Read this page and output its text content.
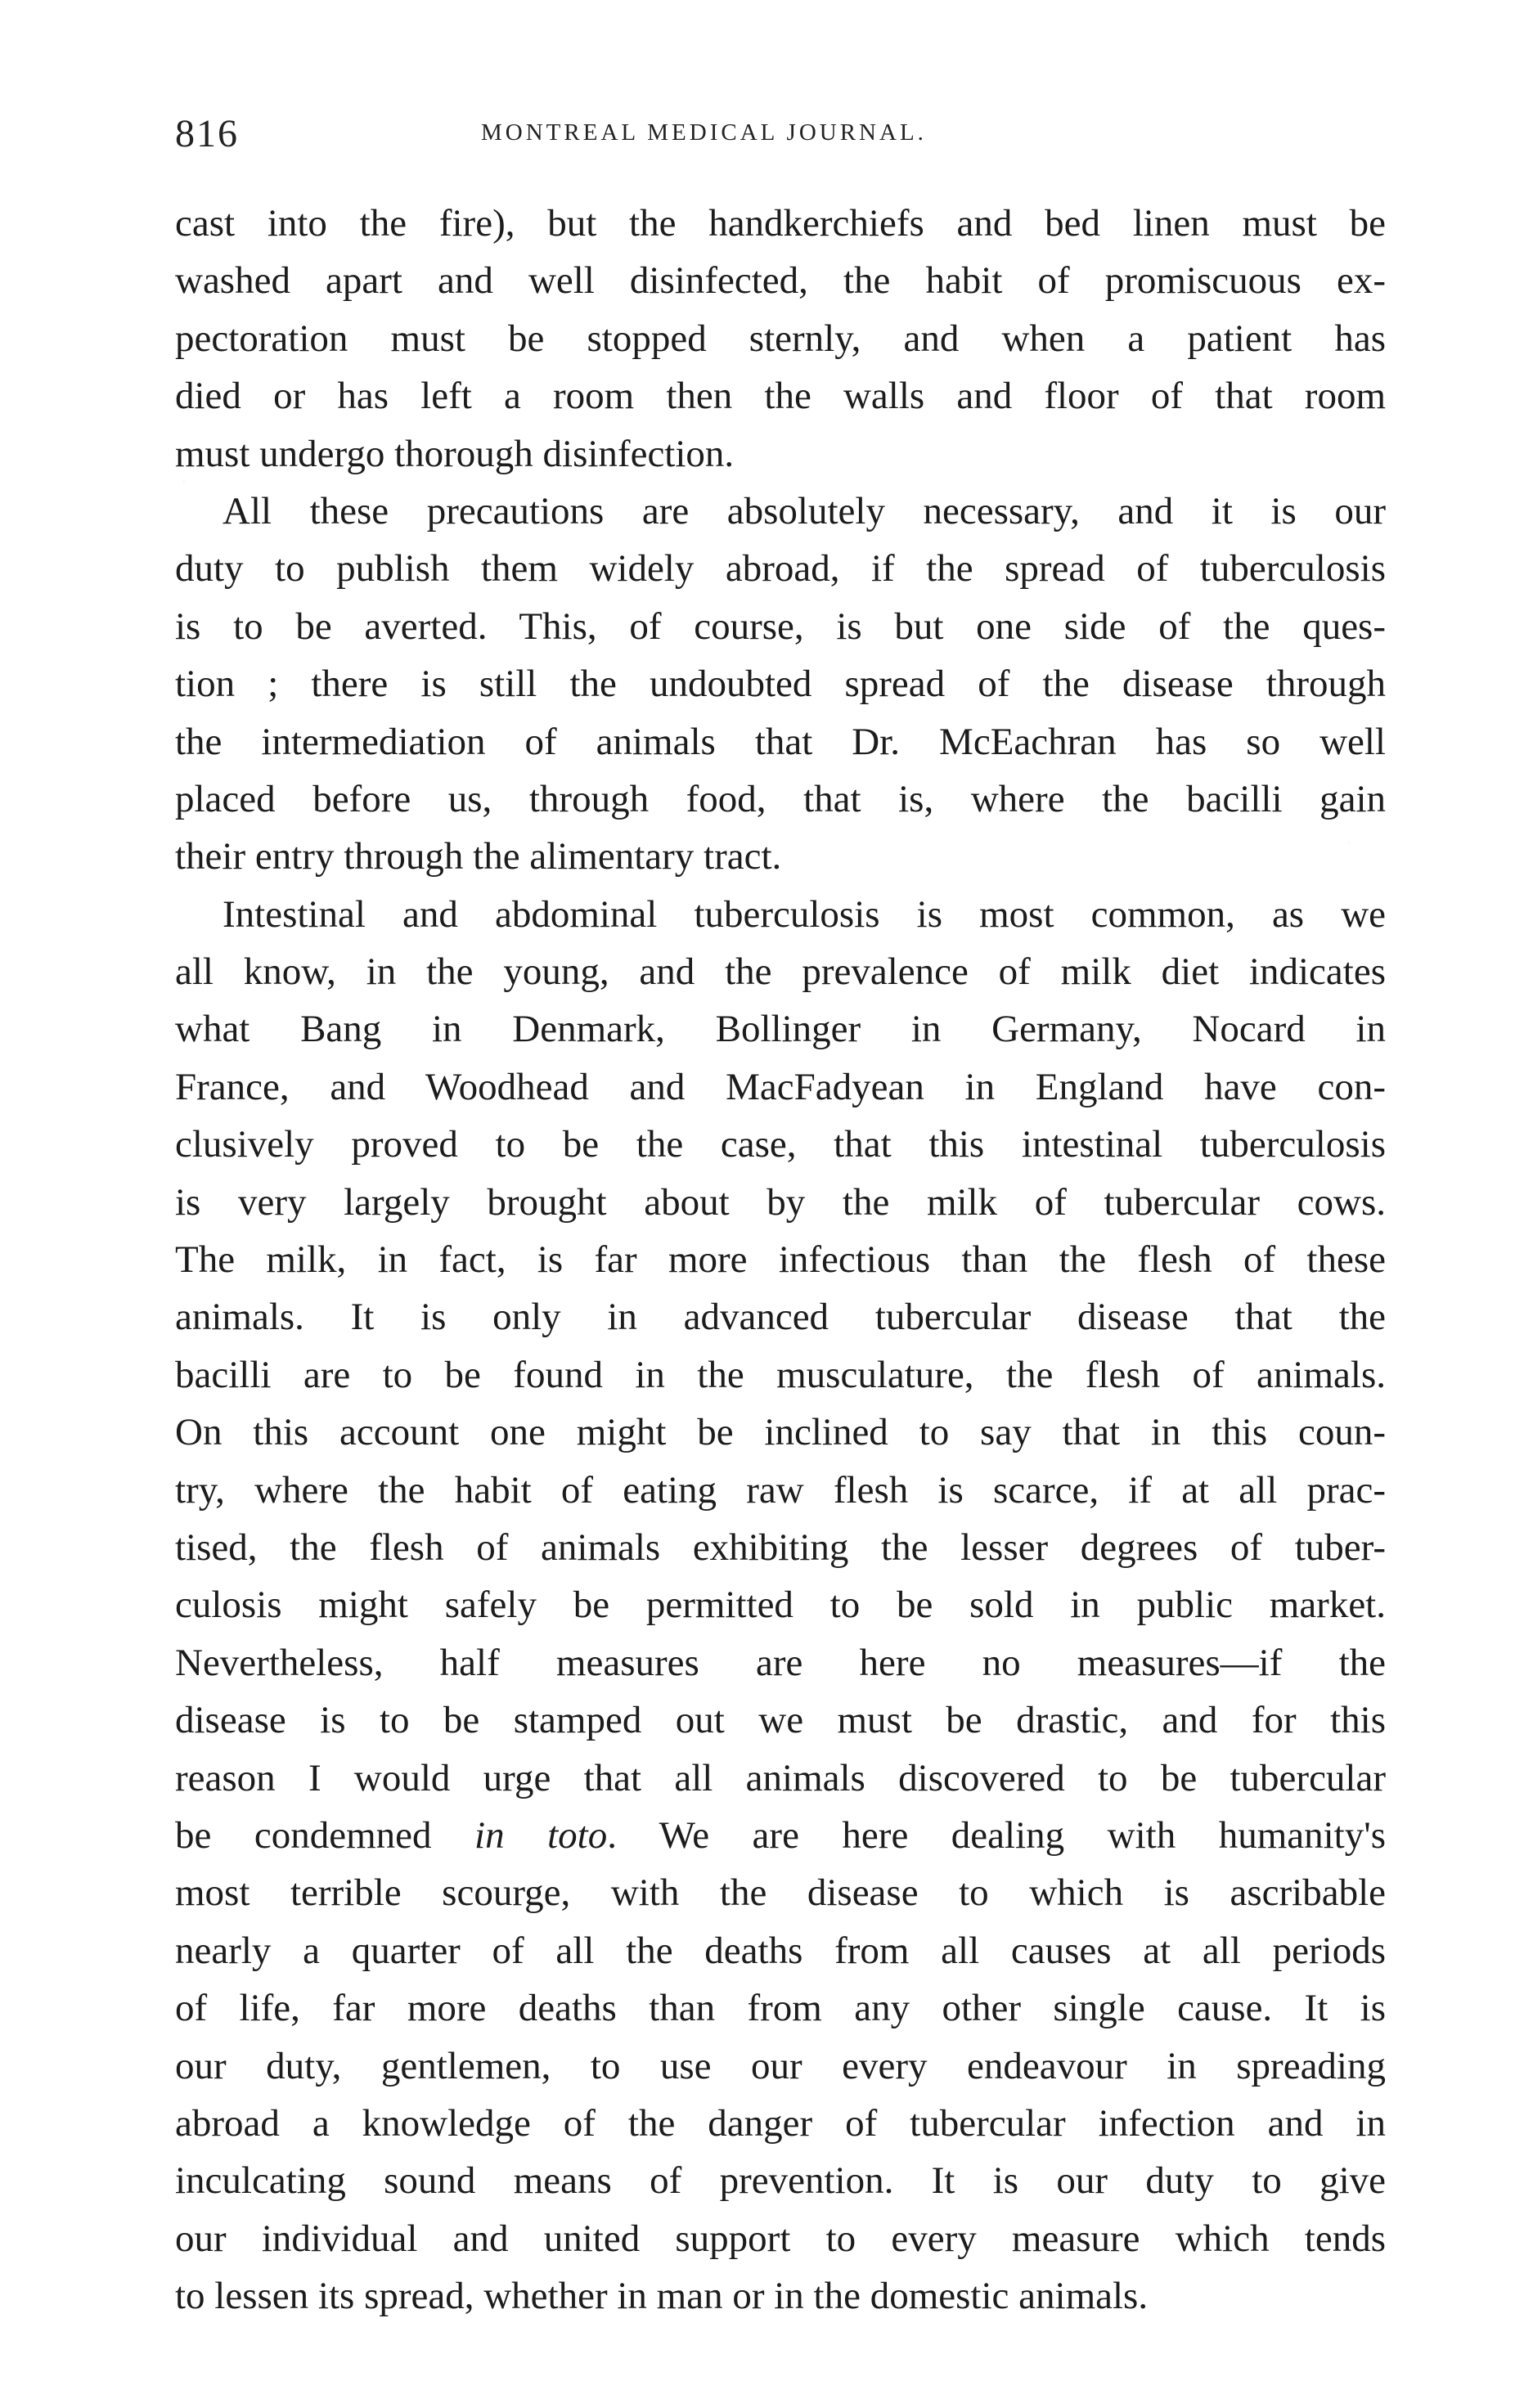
816	MONTREAL MEDICAL JOURNAL.
cast into the fire), but the handkerchiefs and bed linen must be
washed apart and well disinfected, the habit of promiscuous ex-
pectoration must be stopped sternly, and when a patient has
died or has left a room then the walls and floor of that room
must undergo thorough disinfection.
All these precautions are absolutely necessary, and it is our
duty to publish them widely abroad, if the spread of tuberculosis
is to be averted. This, of course, is but one side of the ques-
tion ; there is still the undoubted spread of the disease through
the intermediation of animals that Dr. McEachran has so well
placed before us, through food, that is, where the bacilli gain
their entry through the alimentary tract.
Intestinal and abdominal tuberculosis is most common, as we
all know, in the young, and the prevalence of milk diet indicates
what Bang in Denmark, Bollinger in Germany, Nocard in
France, and Woodhead and MacFadyean in England have con-
clusively proved to be the case, that this intestinal tuberculosis
is very largely brought about by the milk of tubercular cows.
The milk, in fact, is far more infectious than the flesh of these
animals. It is only in advanced tubercular disease that the
bacilli are to be found in the musculature, the flesh of animals.
On this account one might be inclined to say that in this coun-
try, where the habit of eating raw flesh is scarce, if at all prac-
tised, the flesh of animals exhibiting the lesser degrees of tuber-
culosis might safely be permitted to be sold in public market.
Nevertheless, half measures are here no measures—if the
disease is to be stamped out we must be drastic, and for this
reason I would urge that all animals discovered to be tubercular
be condemned in toto. We are here dealing with humanity's
most terrible scourge, with the disease to which is ascribable
nearly a quarter of all the deaths from all causes at all periods
of life, far more deaths than from any other single cause. It is
our duty, gentlemen, to use our every endeavour in spreading
abroad a knowledge of the danger of tubercular infection and in
inculcating sound means of prevention. It is our duty to give
our individual and united support to every measure which tends
to lessen its spread, whether in man or in the domestic animals.
